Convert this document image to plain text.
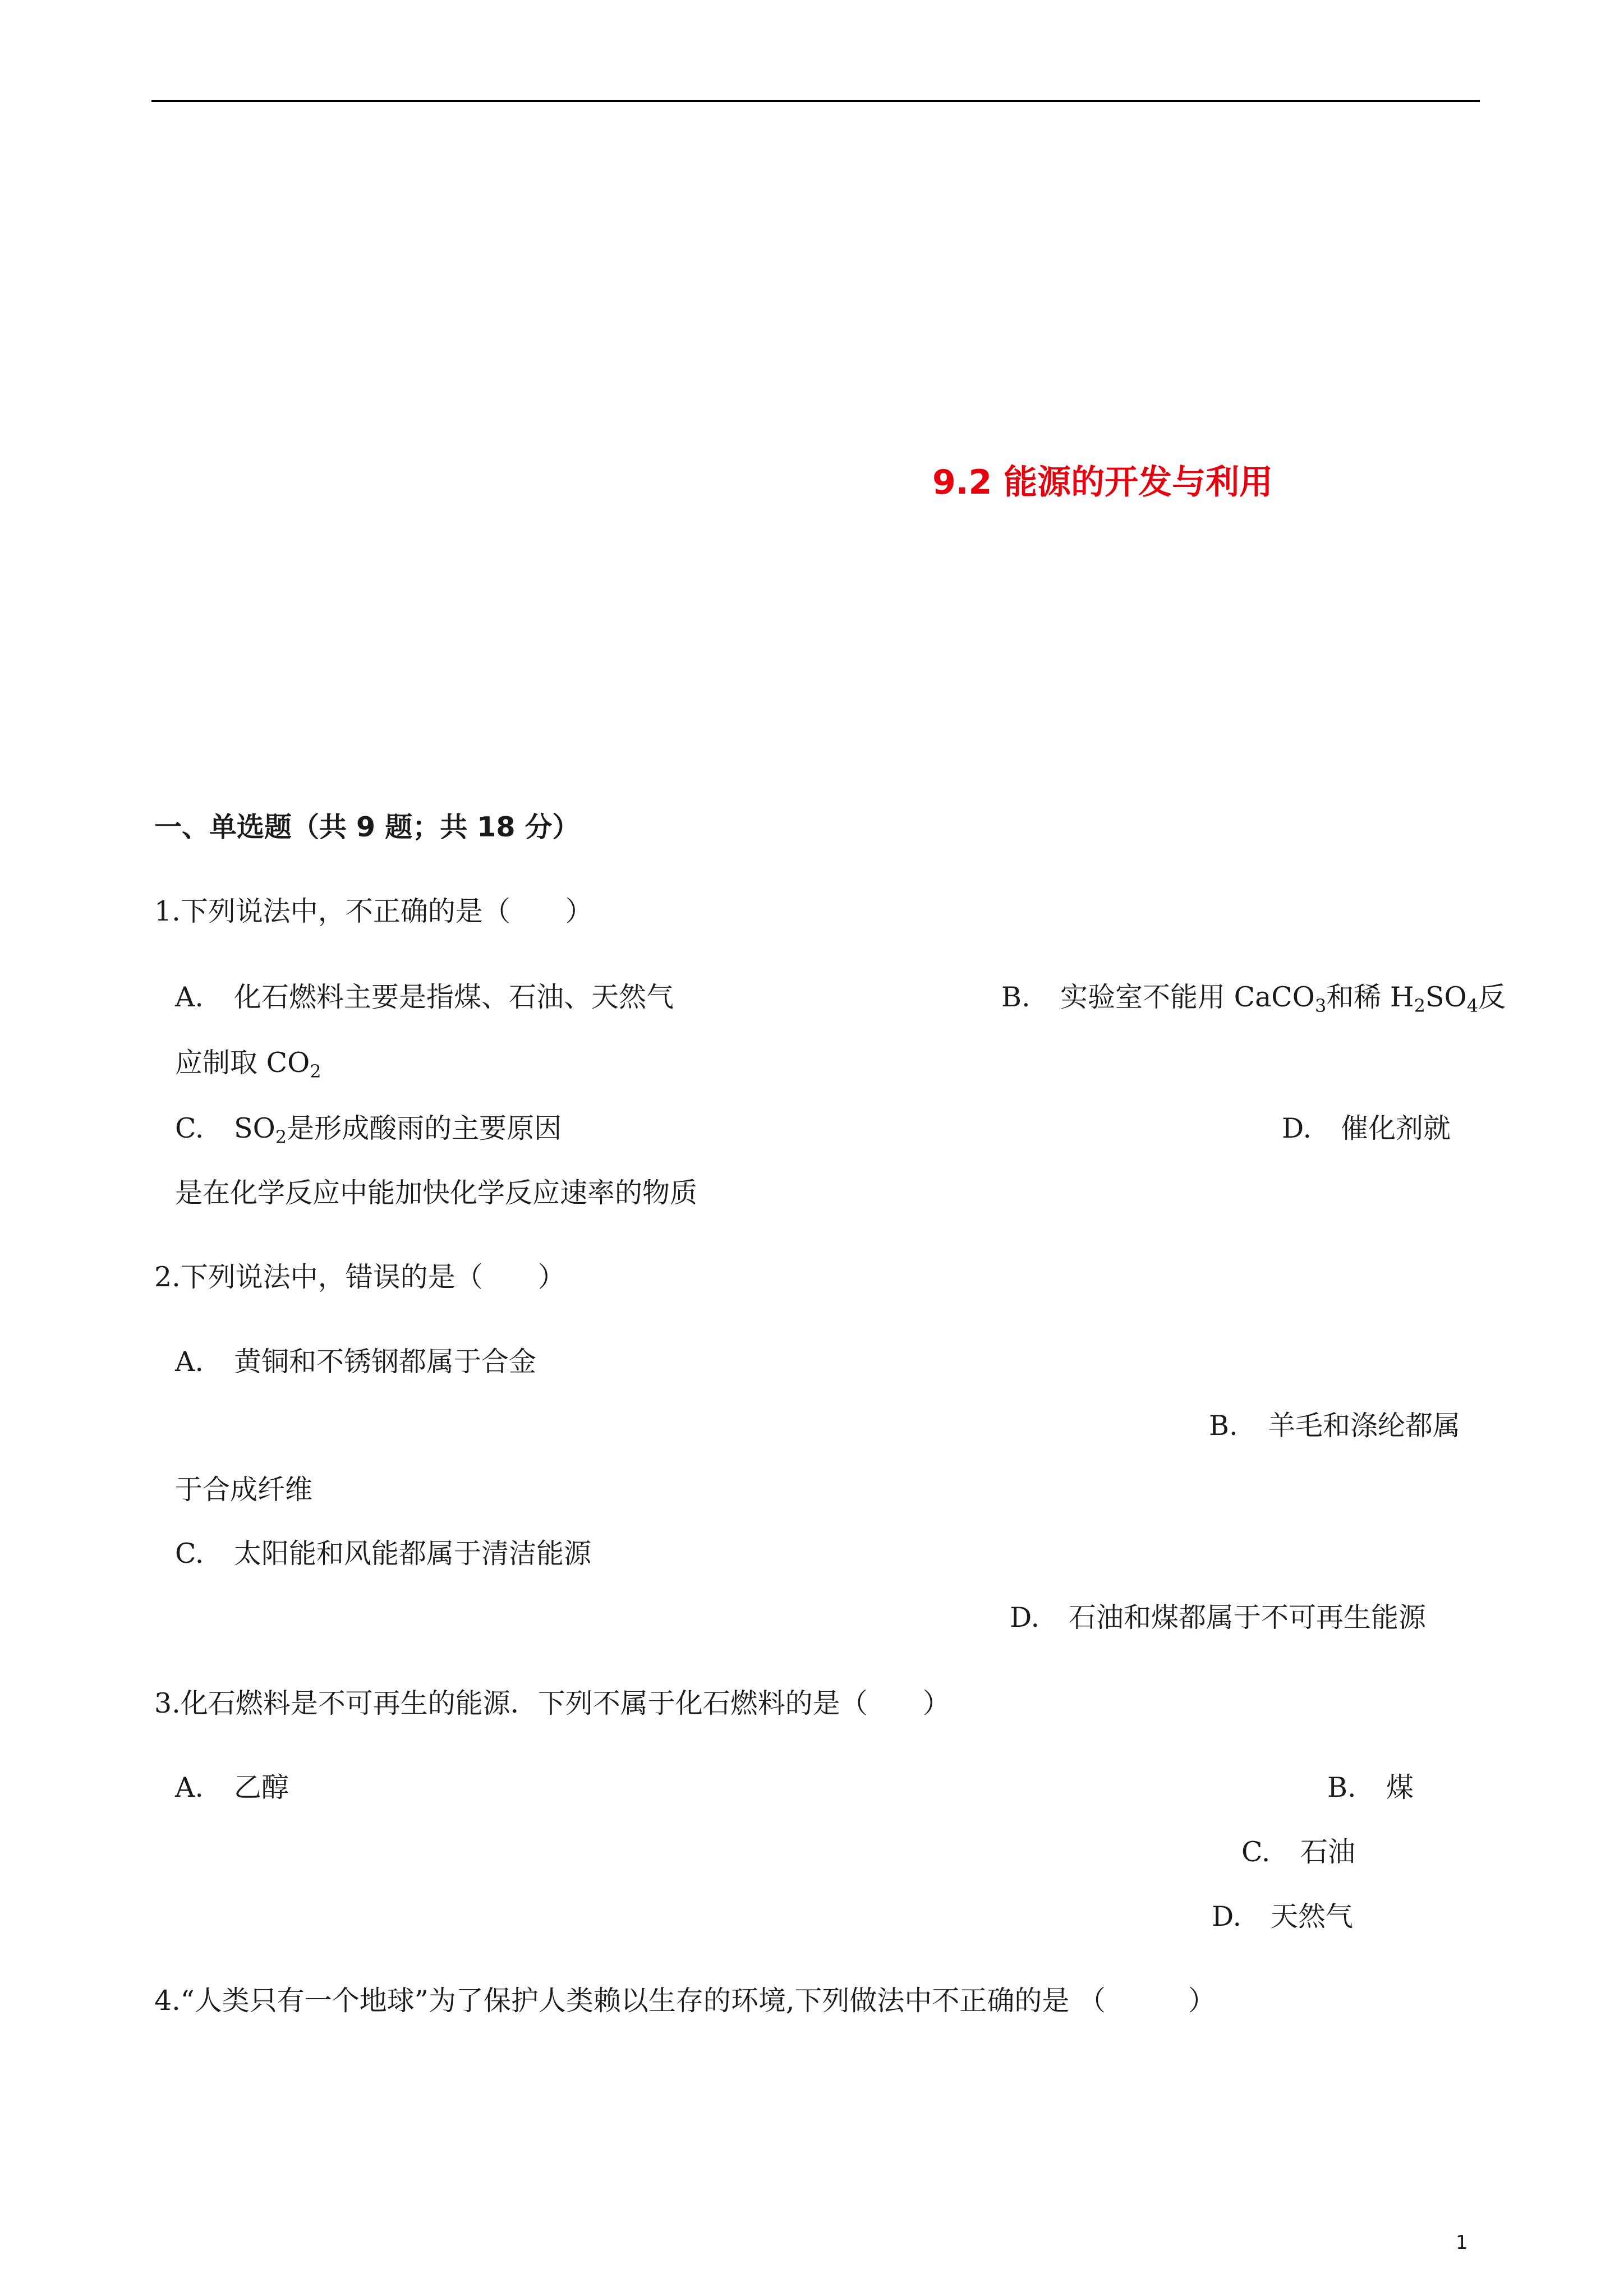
9.2 能源的开发与利用
一、单选题（共 9 题；共 18 分）
1.下列说法中，不正确的是（　　）
A. 化石燃料主要是指煤、石油、天然气	B. 实验室不能用 CaCO$_3$和稀 $H_2SO_4$反
应制取 $CO_2$
C. $SO_2$是形成酸雨的主要原因	D. 催化剂就
是在化学反应中能加快化学反应速率的物质
2.下列说法中，错误的是（　　）
A. 黄铜和不锈钢都属于合金
B. 羊毛和涤纶都属
于合成纤维
C. 太阳能和风能都属于清洁能源
D. 石油和煤都属于不可再生能源
3.化石燃料是不可再生的能源．下列不属于化石燃料的是（　　）
A. 乙醇	B. 煤
C. 石油
D. 天然气
4.“人类只有一个地球”为了保护人类赖以生存的环境,下列做法中不正确的是 （　　　）
1
